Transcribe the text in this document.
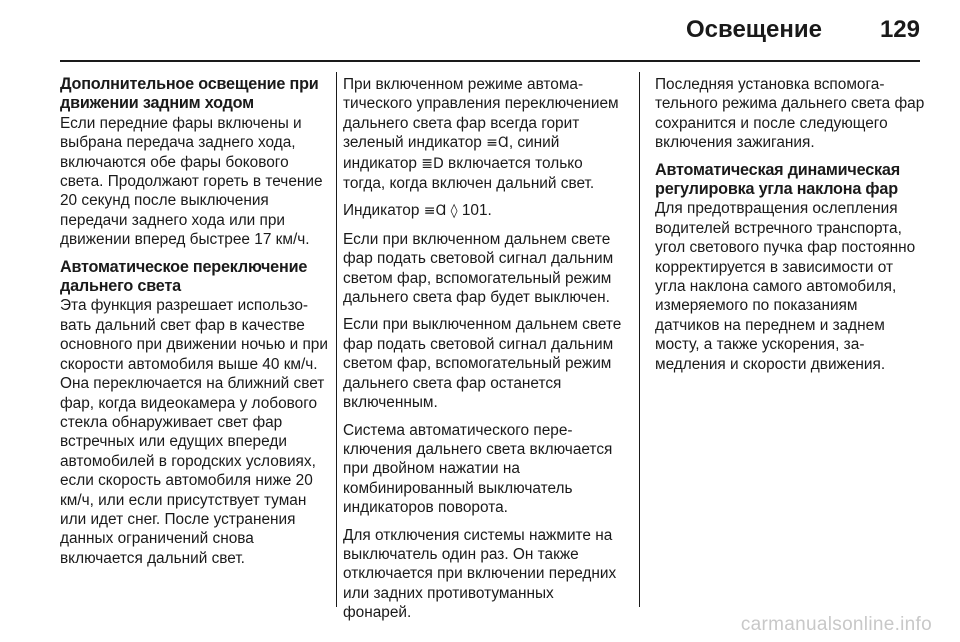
Освещение 129
Дополнительное освещение при движении задним ходом

Если передние фары включены и выбрана передача заднего хода, включаются обе фары бокового света. Продолжают гореть в течение 20 секунд после выключения передачи заднего хода или при движении вперед быстрее 17 км/ч.

Автоматическое переключение дальнего света

Эта функция разрешает использовать дальний свет фар в качестве основного при движении ночью и при скорости автомобиля выше 40 км/ч. Она переключается на ближний свет фар, когда видеокамера у лобового стекла обнаруживает свет фар встречных или едущих впереди автомобилей в городских условиях, если скорость автомобиля ниже 20 км/ч, или если присутствует туман или идет снег. После устранения данных ограничений снова включается дальний свет.

При включенном режиме автоматического управления переключением дальнего света фар всегда горит зеленый индикатор ≡Ɑ, синий индикатор ≣D включается только тогда, когда включен дальний свет.

Индикатор ≡Ɑ ◊ 101.

Если при включенном дальнем свете фар подать световой сигнал дальним светом фар, вспомогательный режим дальнего света фар будет выключен.

Если при выключенном дальнем свете фар подать световой сигнал дальним светом фар, вспомогательный режим дальнего света фар останется включенным.

Система автоматического переключения дальнего света включается при двойном нажатии на комбинированный выключатель индикаторов поворота.

Для отключения системы нажмите на выключатель один раз. Он также отключается при включении передних или задних противотуманных фонарей.

Последняя установка вспомогательного режима дальнего света фар сохранится и после следующего включения зажигания.

Автоматическая динамическая регулировка угла наклона фар

Для предотвращения ослепления водителей встречного транспорта, угол светового пучка фар постоянно корректируется в зависимости от угла наклона самого автомобиля, измеряемого по показаниям датчиков на переднем и заднем мосту, а также ускорения, замедления и скорости движения.

carmanualsonline.info
